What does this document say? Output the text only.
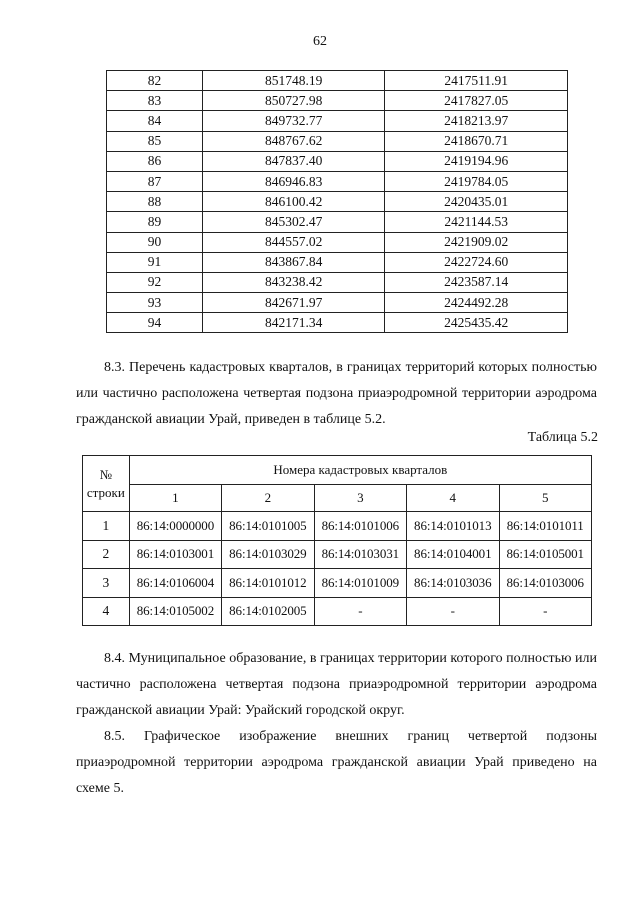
62
82	851748.19	2417511.91
83	850727.98	2417827.05
84	849732.77	2418213.97
85	848767.62	2418670.71
86	847837.40	2419194.96
87	846946.83	2419784.05
88	846100.42	2420435.01
89	845302.47	2421144.53
90	844557.02	2421909.02
91	843867.84	2422724.60
92	843238.42	2423587.14
93	842671.97	2424492.28
94	842171.34	2425435.42
8.3. Перечень кадастровых кварталов, в границах территорий которых полностью или частично расположена четвертая подзона приаэродромной территории аэродрома гражданской авиации Урай, приведен в таблице 5.2.
Таблица 5.2
№ строки	Номера кадастровых кварталов				
	1	2	3	4	5
1	86:14:0000000	86:14:0101005	86:14:0101006	86:14:0101013	86:14:0101011
2	86:14:0103001	86:14:0103029	86:14:0103031	86:14:0104001	86:14:0105001
3	86:14:0106004	86:14:0101012	86:14:0101009	86:14:0103036	86:14:0103006
4	86:14:0105002	86:14:0102005	-	-	-
8.4. Муниципальное образование, в границах территории которого полностью или частично расположена четвертая подзона приаэродромной территории аэродрома гражданской авиации Урай: Урайский городской округ.
8.5. Графическое изображение внешних границ четвертой подзоны приаэродромной территории аэродрома гражданской авиации Урай приведено на схеме 5.
